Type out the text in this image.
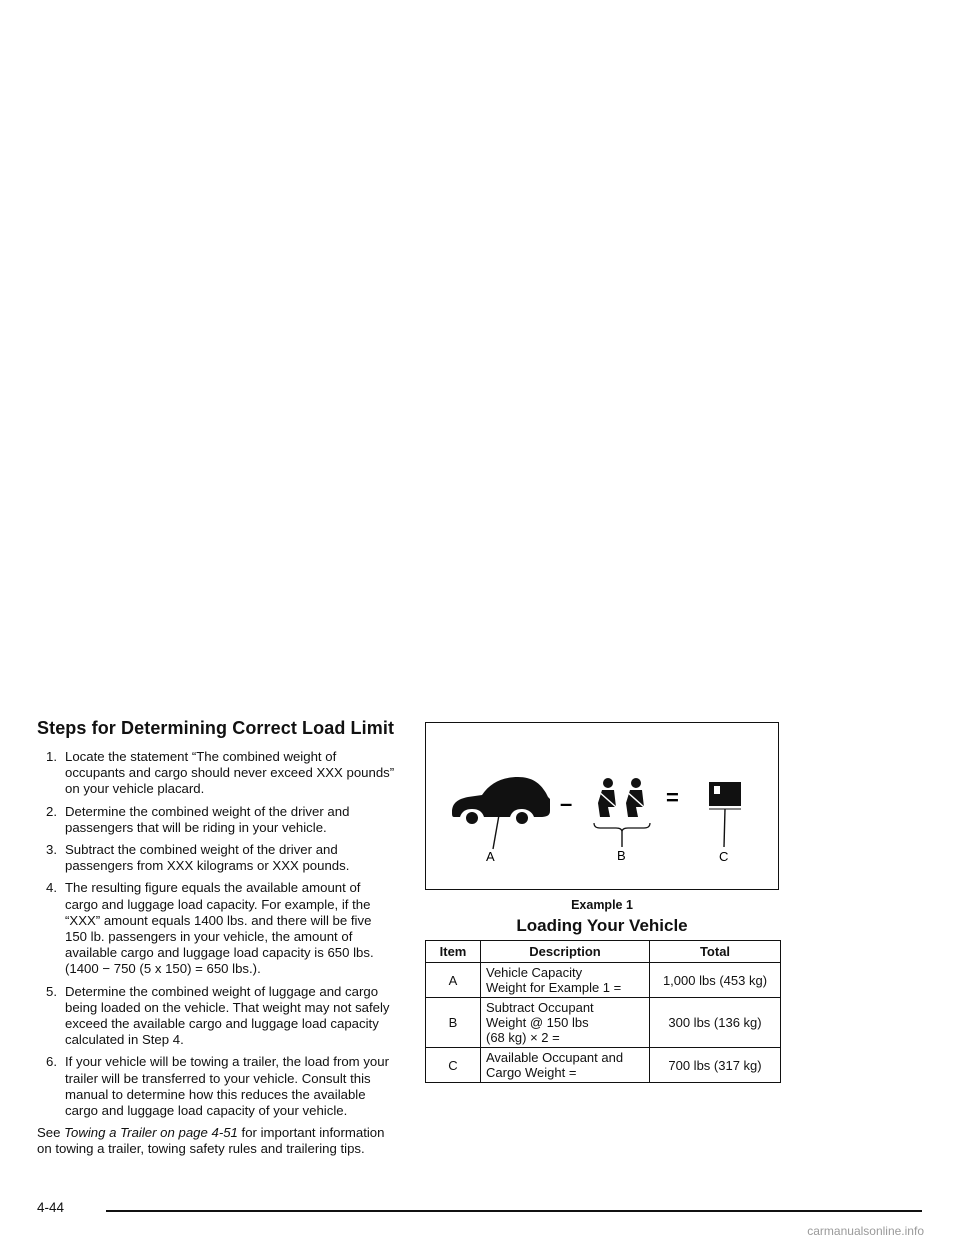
Steps for Determining Correct Load Limit
1. Locate the statement “The combined weight of occupants and cargo should never exceed XXX pounds” on your vehicle placard.
2. Determine the combined weight of the driver and passengers that will be riding in your vehicle.
3. Subtract the combined weight of the driver and passengers from XXX kilograms or XXX pounds.
4. The resulting figure equals the available amount of cargo and luggage load capacity. For example, if the “XXX” amount equals 1400 lbs. and there will be five 150 lb. passengers in your vehicle, the amount of available cargo and luggage load capacity is 650 lbs. (1400 − 750 (5 x 150) = 650 lbs.).
5. Determine the combined weight of luggage and cargo being loaded on the vehicle. That weight may not safely exceed the available cargo and luggage load capacity calculated in Step 4.
6. If your vehicle will be towing a trailer, the load from your trailer will be transferred to your vehicle. Consult this manual to determine how this reduces the available cargo and luggage load capacity of your vehicle.
See Towing a Trailer on page 4-51 for important information on towing a trailer, towing safety rules and trailering tips.
A
–
B
=
C
Example 1
Loading Your Vehicle
Item	Description	Total
A	Vehicle Capacity
Weight for Example 1 =	1,000 lbs (453 kg)
B	Subtract Occupant
Weight @ 150 lbs
(68 kg) × 2 =	300 lbs (136 kg)
C	Available Occupant and
Cargo Weight =	700 lbs (317 kg)
4-44
carmanualsonline.info
